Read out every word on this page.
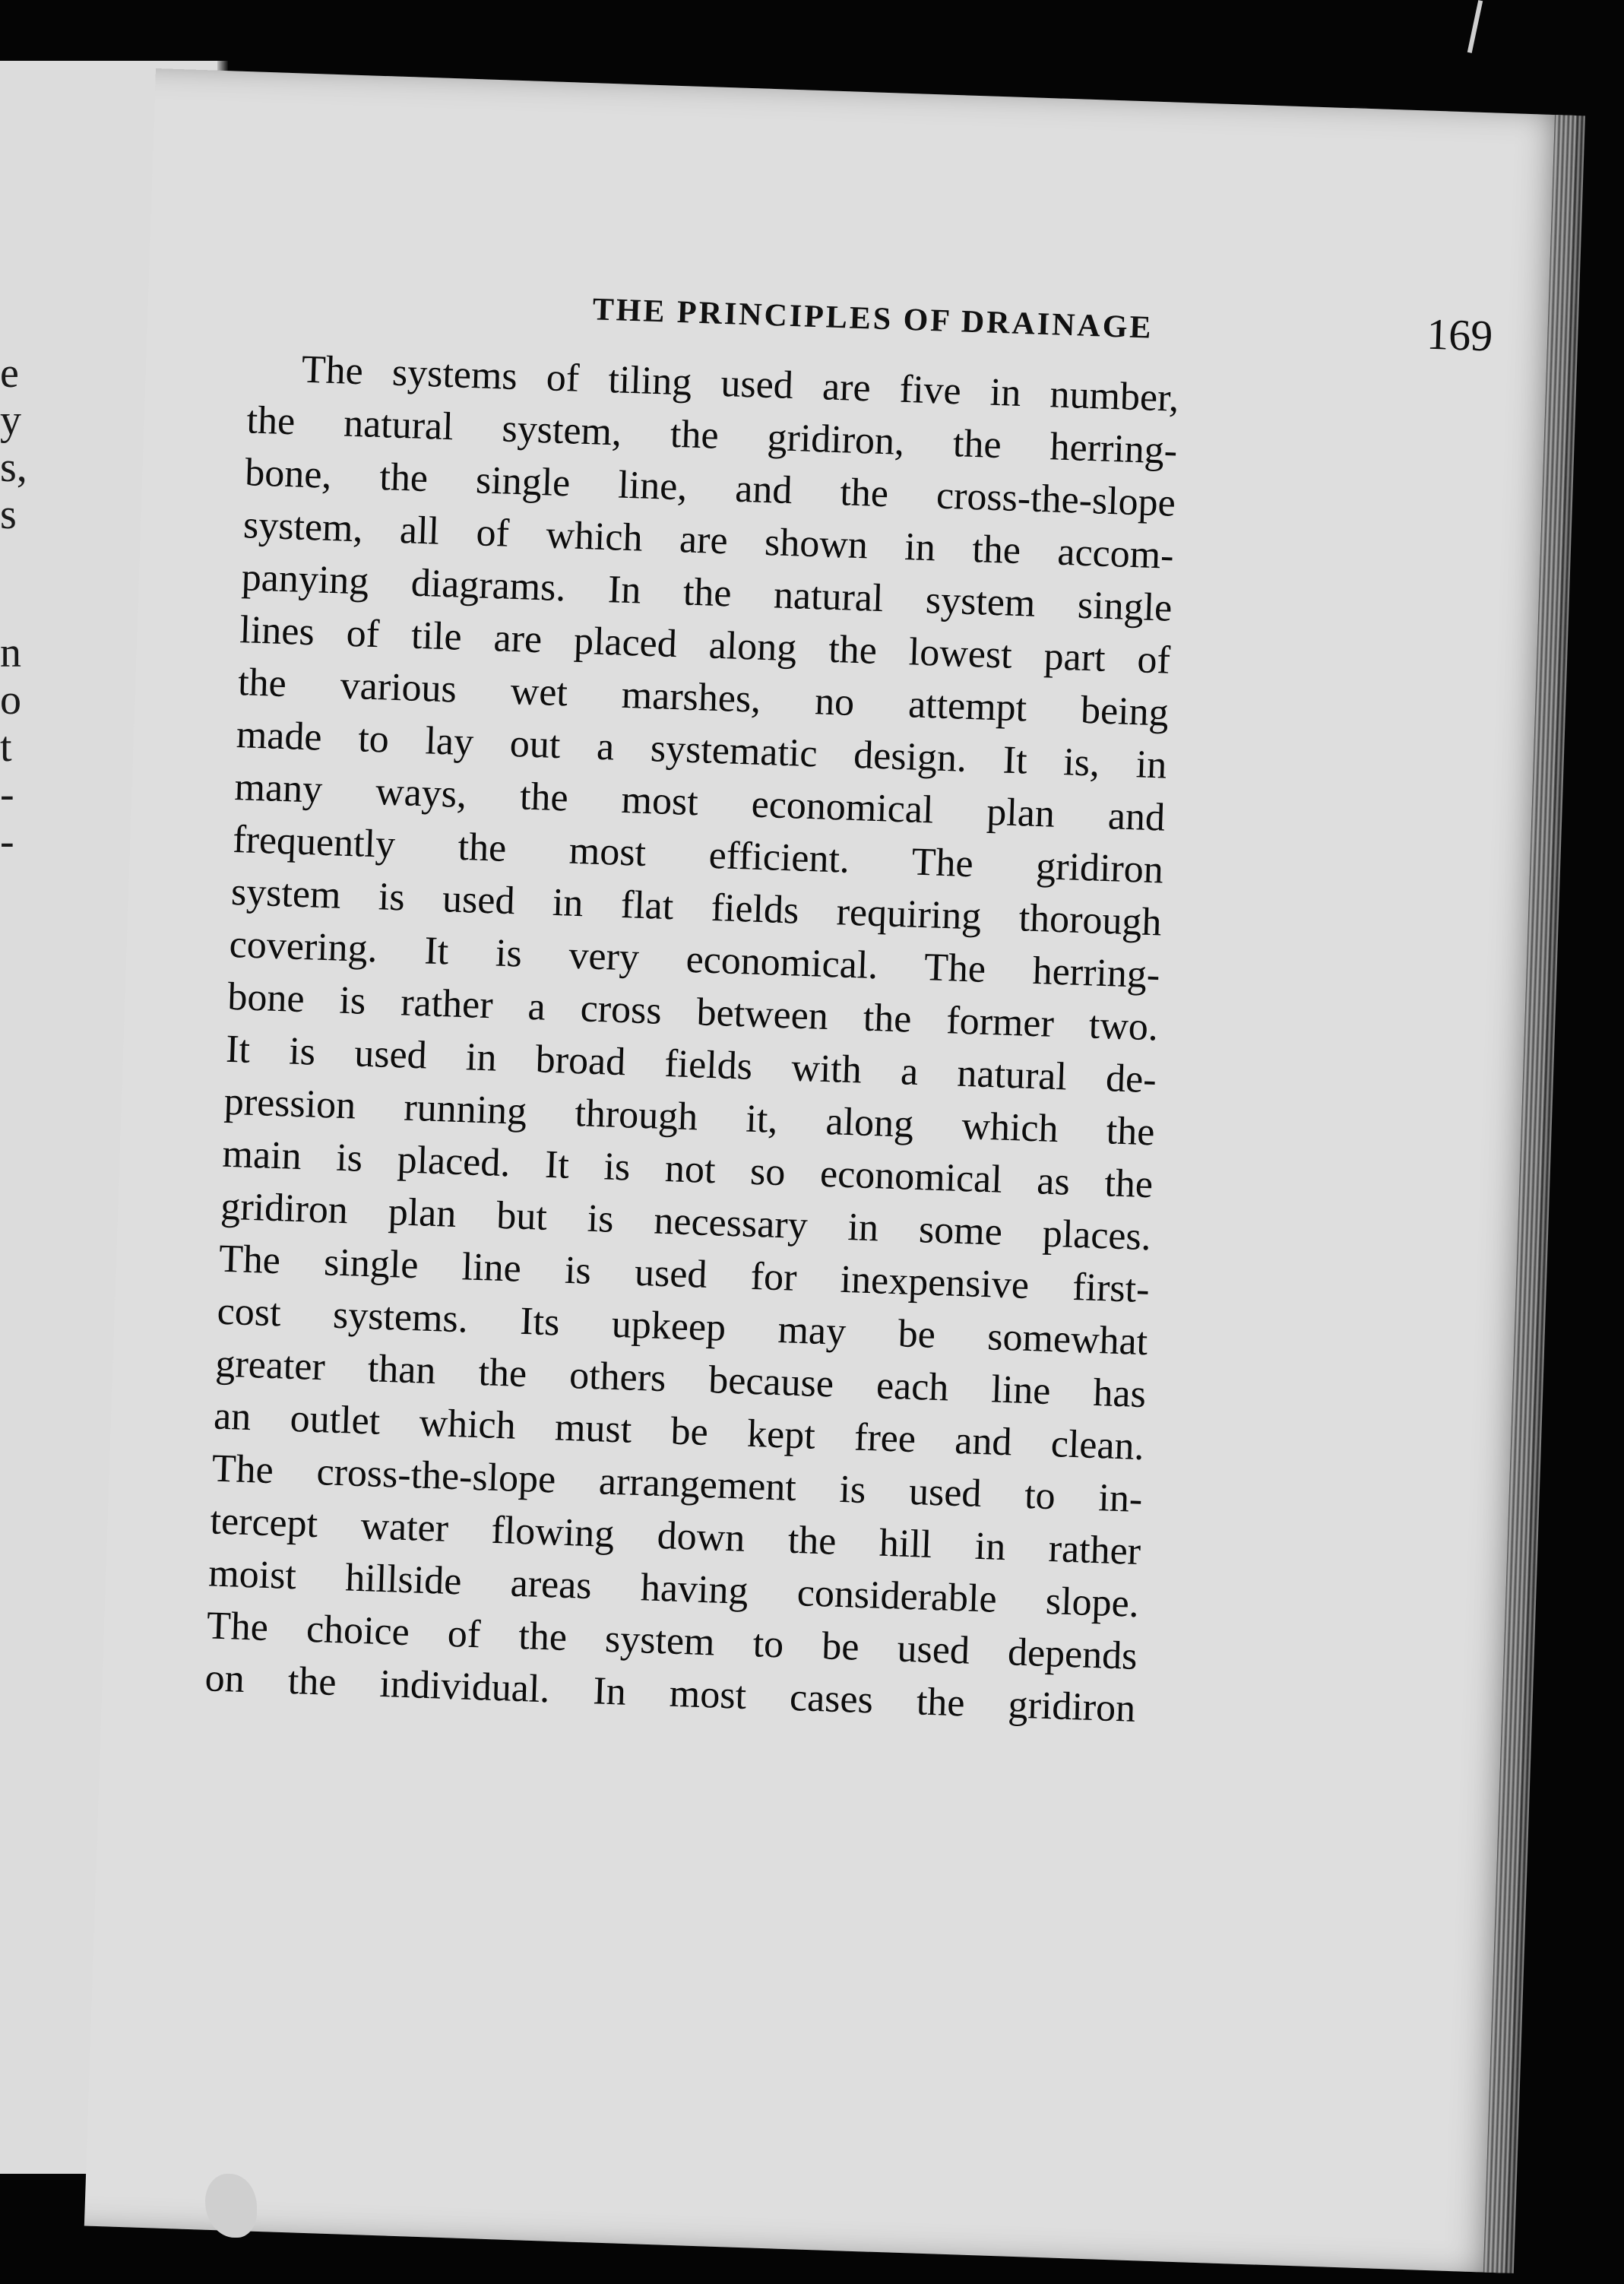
e
y
s,
s
n
o
t
-
-
THE PRINCIPLES OF DRAINAGE	169
The systems of tiling used are five in number,
the natural system, the gridiron, the herring-
bone, the single line, and the cross-the-slope
system, all of which are shown in the accom-
panying diagrams. In the natural system single
lines of tile are placed along the lowest part of
the various wet marshes, no attempt being
made to lay out a systematic design. It is, in
many ways, the most economical plan and
frequently the most efficient. The gridiron
system is used in flat fields requiring thorough
covering. It is very economical. The herring-
bone is rather a cross between the former two.
It is used in broad fields with a natural de-
pression running through it, along which the
main is placed. It is not so economical as the
gridiron plan but is necessary in some places.
The single line is used for inexpensive first-
cost systems. Its upkeep may be somewhat
greater than the others because each line has
an outlet which must be kept free and clean.
The cross-the-slope arrangement is used to in-
tercept water flowing down the hill in rather
moist hillside areas having considerable slope.
The choice of the system to be used depends
on the individual. In most cases the gridiron
